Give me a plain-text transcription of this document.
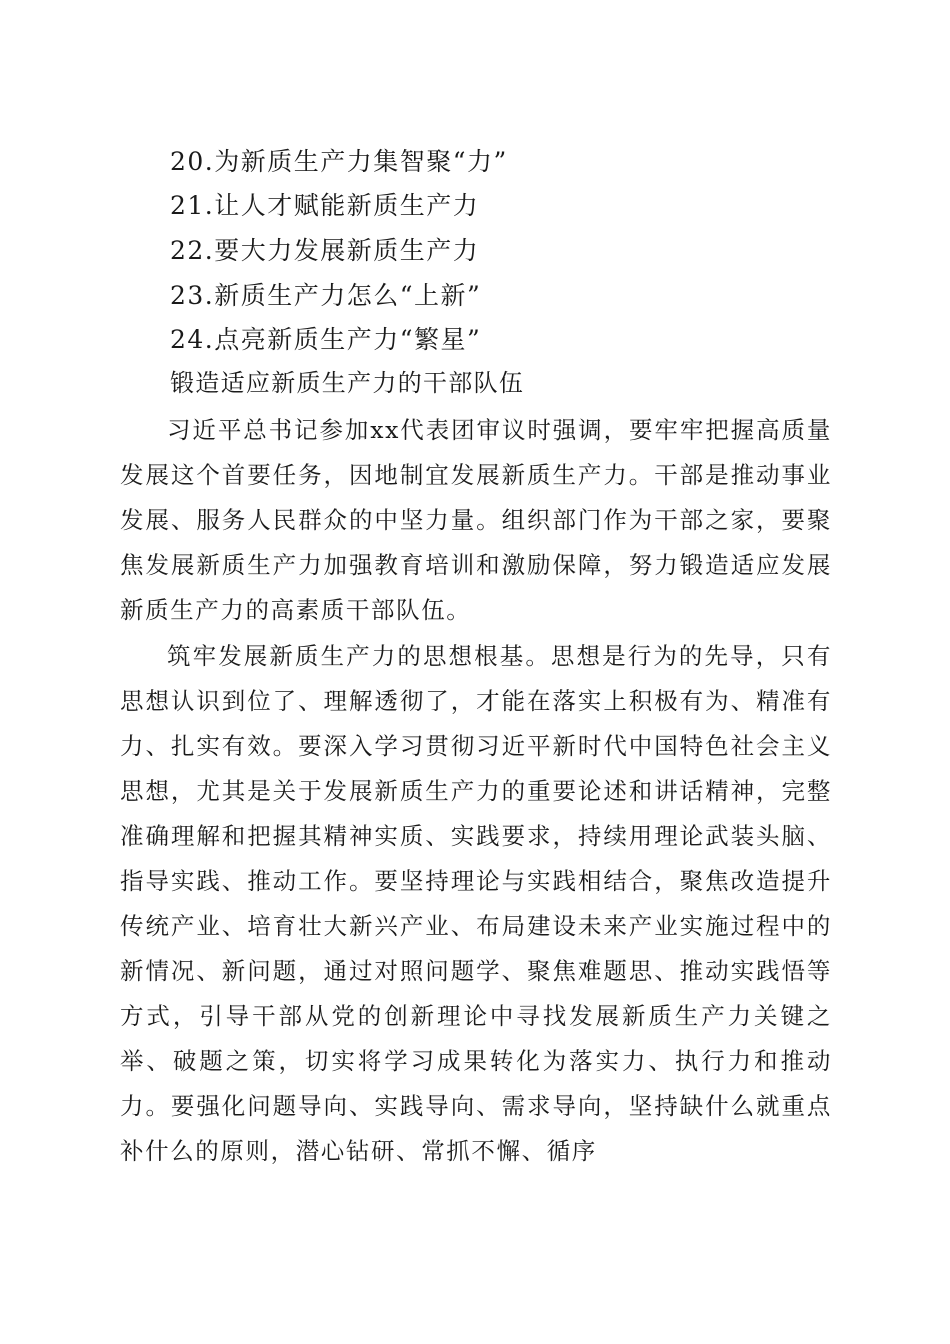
20.为新质生产力集智聚“力”
21.让人才赋能新质生产力
22.要大力发展新质生产力
23.新质生产力怎么“上新”
24.点亮新质生产力“繁星”
锻造适应新质生产力的干部队伍

习近平总书记参加xx代表团审议时强调，要牢牢把握高质量发展这个首要任务，因地制宜发展新质生产力。干部是推动事业发展、服务人民群众的中坚力量。组织部门作为干部之家，要聚焦发展新质生产力加强教育培训和激励保障，努力锻造适应发展新质生产力的高素质干部队伍。

筑牢发展新质生产力的思想根基。思想是行为的先导，只有思想认识到位了、理解透彻了，才能在落实上积极有为、精准有力、扎实有效。要深入学习贯彻习近平新时代中国特色社会主义思想，尤其是关于发展新质生产力的重要论述和讲话精神，完整准确理解和把握其精神实质、实践要求，持续用理论武装头脑、指导实践、推动工作。要坚持理论与实践相结合，聚焦改造提升传统产业、培育壮大新兴产业、布局建设未来产业实施过程中的新情况、新问题，通过对照问题学、聚焦难题思、推动实践悟等方式，引导干部从党的创新理论中寻找发展新质生产力关键之举、破题之策，切实将学习成果转化为落实力、执行力和推动力。要强化问题导向、实践导向、需求导向，坚持缺什么就重点补什么的原则，潜心钻研、常抓不懈、循序
